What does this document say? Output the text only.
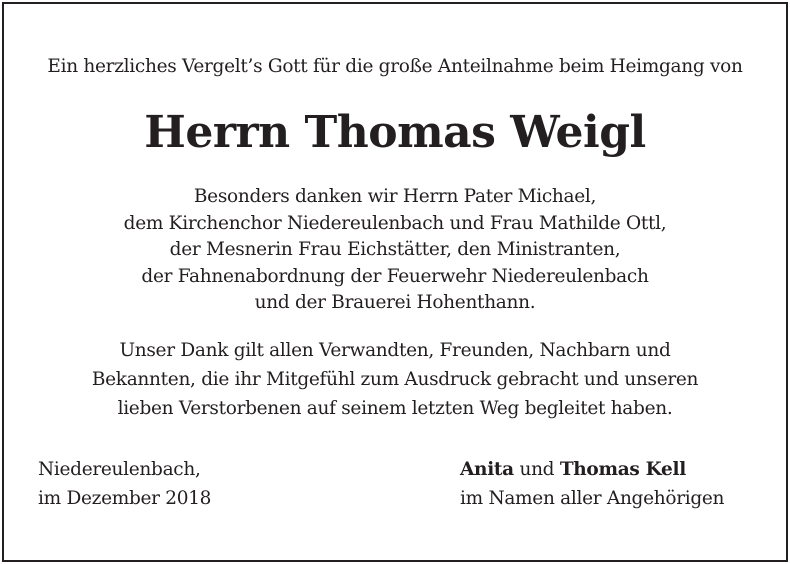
Ein herzliches Vergelt’s Gott für die große Anteilnahme beim Heimgang von
Herrn Thomas Weigl
Besonders danken wir Herrn Pater Michael,
dem Kirchenchor Niedereulenbach und Frau Mathilde Ottl,
der Mesnerin Frau Eichstätter, den Ministranten,
der Fahnenabordnung der Feuerwehr Niedereulenbach
und der Brauerei Hohenthann.
Unser Dank gilt allen Verwandten, Freunden, Nachbarn und
Bekannten, die ihr Mitgefühl zum Ausdruck gebracht und unseren
lieben Verstorbenen auf seinem letzten Weg begleitet haben.
Niedereulenbach,
im Dezember 2018
Anita und Thomas Kell
im Namen aller Angehörigen
